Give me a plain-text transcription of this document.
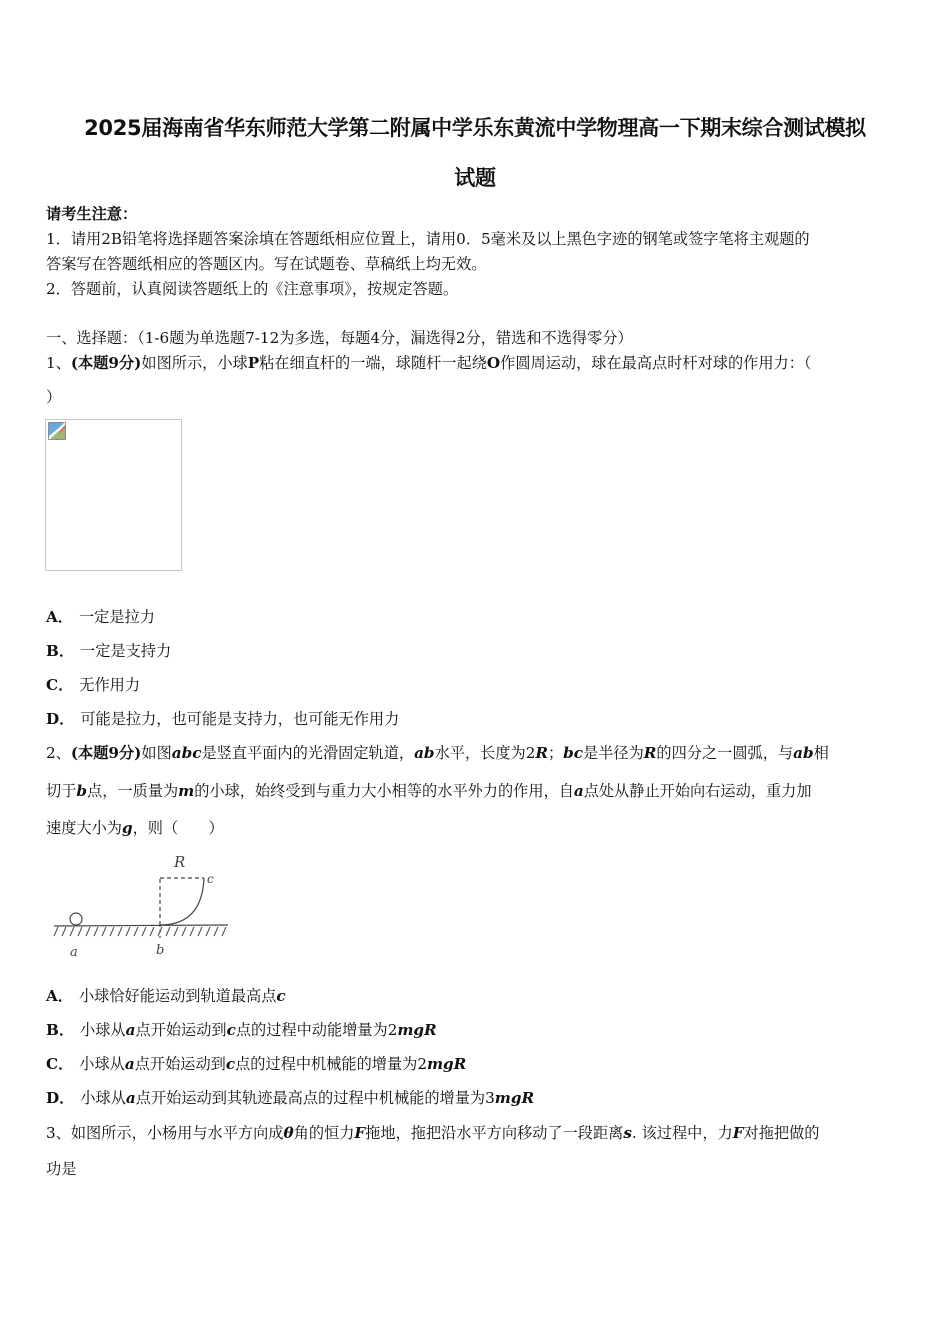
2025届海南省华东师范大学第二附属中学乐东黄流中学物理高一下期末综合测试模拟
试题
请考生注意：
1．请用2B铅笔将选择题答案涂填在答题纸相应位置上，请用0．5毫米及以上黑色字迹的钢笔或签字笔将主观题的
答案写在答题纸相应的答题区内。写在试题卷、草稿纸上均无效。
2．答题前，认真阅读答题纸上的《注意事项》，按规定答题。
一、选择题：（1-6题为单选题7-12为多选，每题4分，漏选得2分，错选和不选得零分）
1、(本题9分)如图所示，小球P粘在细直杆的一端，球随杆一起绕O作圆周运动，球在最高点时杆对球的作用力：（
）
A． 一定是拉力
B． 一定是支持力
C． 无作用力
D． 可能是拉力，也可能是支持力，也可能无作用力
2、(本题9分)如图abc是竖直平面内的光滑固定轨道，ab水平，长度为2R；bc是半径为R的四分之一圆弧，与ab相
切于b点，一质量为m的小球，始终受到与重力大小相等的水平外力的作用，自a点处从静止开始向右运动，重力加
速度大小为g，则（　　）
R
c
a	b
A． 小球恰好能运动到轨道最高点c
B． 小球从a点开始运动到c点的过程中动能增量为2mgR
C． 小球从a点开始运动到c点的过程中机械能的增量为2mgR
D． 小球从a点开始运动到其轨迹最高点的过程中机械能的增量为3mgR
3、如图所示，小杨用与水平方向成θ角的恒力F拖地，拖把沿水平方向移动了一段距离s. 该过程中，力F对拖把做的
功是
